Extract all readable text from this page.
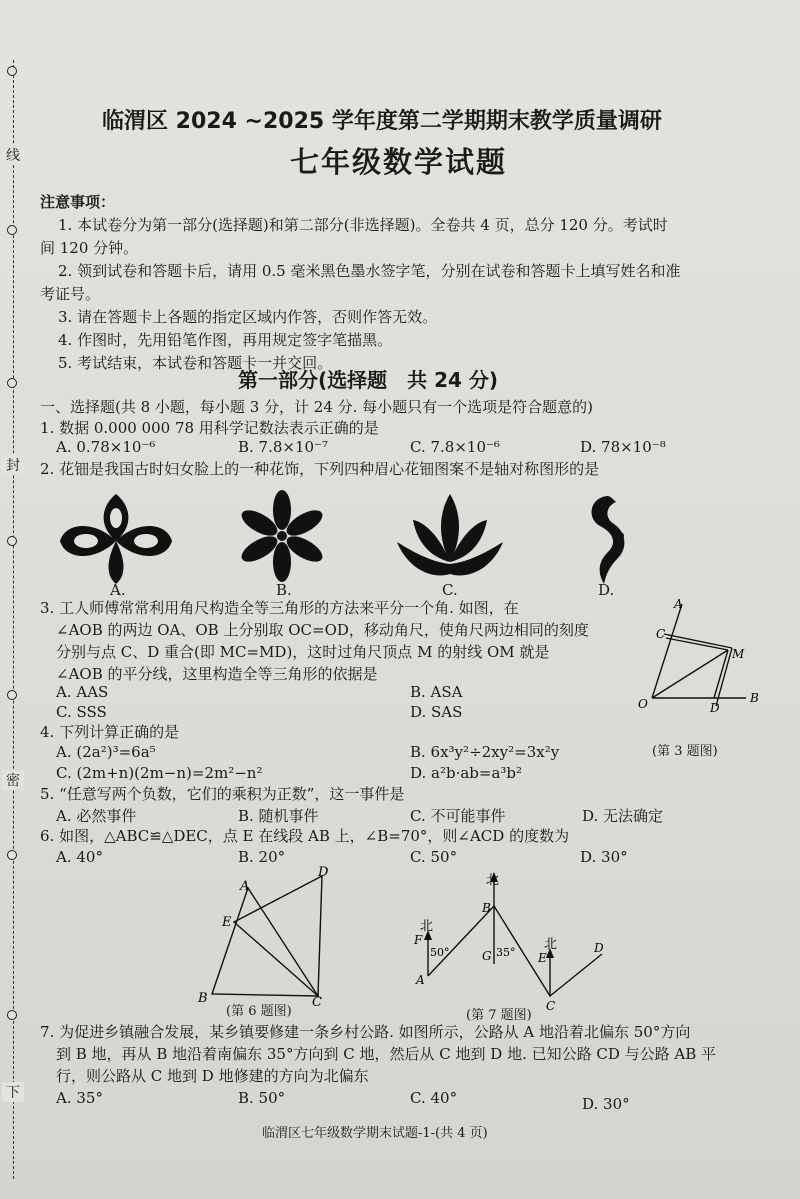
线
封
密
下
临渭区 2024 ~2025 学年度第二学期期末教学质量调研
七年级数学试题
注意事项：
1. 本试卷分为第一部分(选择题)和第二部分(非选择题)。全卷共 4 页，总分 120 分。考试时
间 120 分钟。
2. 领到试卷和答题卡后，请用 0.5 毫米黑色墨水签字笔，分别在试卷和答题卡上填写姓名和准
考证号。
3. 请在答题卡上各题的指定区域内作答，否则作答无效。
4. 作图时，先用铅笔作图，再用规定签字笔描黑。
5. 考试结束，本试卷和答题卡一并交回。
第一部分(选择题　共 24 分)
一、选择题(共 8 小题，每小题 3 分，计 24 分. 每小题只有一个选项是符合题意的)
1. 数据 0.000 000 78 用科学记数法表示正确的是
A. 0.78×10⁻⁶	B. 7.8×10⁻⁷	C. 7.8×10⁻⁶	D. 78×10⁻⁸
2. 花钿是我国古时妇女脸上的一种花饰，下列四种眉心花钿图案不是轴对称图形的是
A.	B.	C.	D.
3. 工人师傅常常利用角尺构造全等三角形的方法来平分一个角. 如图，在
∠AOB 的两边 OA、OB 上分别取 OC=OD，移动角尺，使角尺两边相同的刻度
分别与点 C、D 重合(即 MC=MD)，这时过角尺顶点 M 的射线 OM 就是
∠AOB 的平分线，这里构造全等三角形的依据是
A. AAS	B. ASA
C. SSS	D. SAS
A
C
M
O	D
B
(第 3 题图)
4. 下列计算正确的是
A. (2a²)³=6a⁵	B. 6x³y²÷2xy²=3x²y
C. (2m+n)(2m−n)=2m²−n²	D. a²b·ab=a³b²
5. “任意写两个负数，它们的乘积为正数”，这一事件是
A. 必然事件	B. 随机事件	C. 不可能事件	D. 无法确定
6. 如图，△ABC≌△DEC，点 E 在线段 AB 上，∠B=70°，则∠ACD 的度数为
A. 40°	B. 20°	C. 50°	D. 30°
A
D
E
B	C
(第 6 题图)
北
北
北
F
A
B
G	E
C
D
50°	35°
(第 7 题图)
7. 为促进乡镇融合发展，某乡镇要修建一条乡村公路. 如图所示，公路从 A 地沿着北偏东 50°方向
到 B 地，再从 B 地沿着南偏东 35°方向到 C 地，然后从 C 地到 D 地. 已知公路 CD 与公路 AB 平
行，则公路从 C 地到 D 地修建的方向为北偏东
A. 35°	B. 50°	C. 40°	D. 30°
临渭区七年级数学期末试题-1-(共 4 页)
